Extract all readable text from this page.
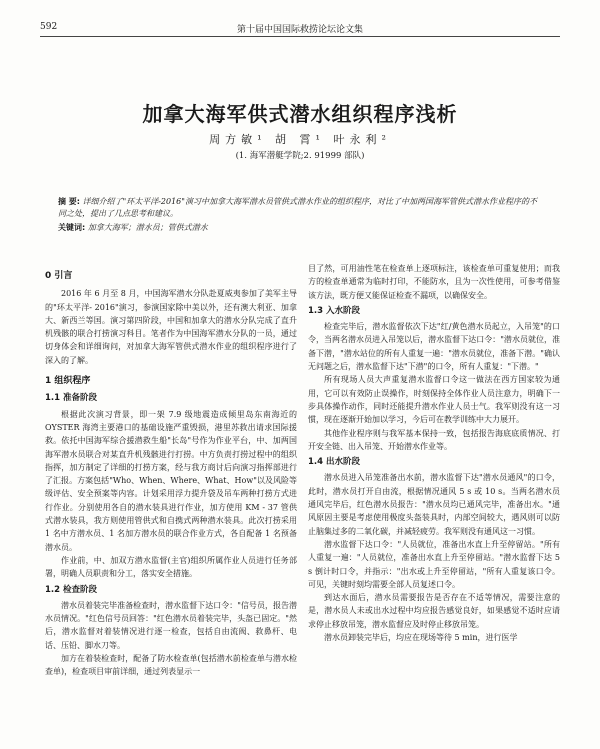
592	第十届中国国际救捞论坛论文集
加拿大海军供式潜水组织程序浅析
周方敏¹ 胡 霄¹ 叶永利²
(1. 海军潜艇学院;2. 91999 部队)
摘 要: 详细介绍了"环太平洋-2016"演习中加拿大海军潜水员管供式潜水作业的组织程序，对比了中加两国海军管供式潜水作业程序的不同之处，提出了几点思考和建议。
关键词: 加拿大海军；潜水员；管供式潜水
0 引言

2016 年 6 月至 8 月，中国海军潜水分队赴夏威夷参加了美军主导的"环太平洋- 2016"演习，参演国家除中美以外，还有澳大利亚、加拿大、新西兰等国。演习第四阶段，中国和加拿大的潜水分队完成了直升机残骸的联合打捞演习科目。笔者作为中国海军潜水分队的一员，通过切身体会和详细询问，对加拿大海军管供式潜水作业的组织程序进行了深入的了解。

1 组织程序
1.1 准备阶段

根据此次演习背景，即一架 7.9 级地震造成倾里岛东南海近的 OYSTER 海湾主要港口的基础设施严重毁损，港里苏救出请求国际援救。依托中国海军综合援潜救生船"长岛"号作为作业平台，中、加两国海军潜水员联合对某直升机残骸进行打捞。中方负责打捞过程中的组织指挥，加方制定了详细的打捞方案，经与我方商讨后向演习指挥部进行了汇报。方案包括"Who、When、Where、What、How"以及风险等级评估、安全预案等内容。计划采用浮力提升袋及吊车两种打捞方式进行作业。分别使用各自的潜水装具进行作业，加方使用 KM - 37 管供式潜水装具，我方则使用管供式和自携式两种潜水装具。此次打捞采用 1 名中方潜水员、1 名加方潜水员的联合作业方式，各自配备 1 名预备潜水员。

作业前，中、加双方潜水监督(主官)组织所属作业人员进行任务部署，明确人员职责和分工，落实安全措施。

1.2 检查阶段

潜水员着装完毕准备检查时，潜水监督下达口令："信号员，报告潜水员情况。"红色信号员回答："红色潜水员着装完毕，头盔已固定。"然后，潜水监督对着装情况进行逐一检查，包括自由流阀、救鼻杆、电话、压铅、脚水刀等。

加方在着装检查时，配备了防水检查单(包括潜水前检查单与潜水检查单)，检查项目审前详细，通过列表显示一

目了然，可用油性笔在检查单上逐项标注，该检查单可重复使用；而我方的检查单通常为临时打印，不能防水，且为一次性使用，可参考借鉴该方法，既方便又能保证检查不漏项，以确保安全。

1.3 入水阶段

检查完毕后，潜水监督依次下达"红/黄色潜水员起立，入吊笼"的口令，当两名潜水员进入吊笼以后，潜水监督下达口令："潜水员就位，准备下潜，"潜水站位的所有人重复一遍："潜水员就位，准备下潜。"确认无问题之后，潜水监督下达"下潜"的口令，所有人重复："下潜。"

所有现场人员大声重复潜水监督口令这一做法在西方国家较为通用，它可以有效防止误操作，时刻保持全体作业人员注意力，明确下一步具体操作动作，同时还能提升潜水作业人员士气。我军则没有这一习惯，现在逐渐开始加以学习，今后可在教学训练中大力展开。

其他作业程序则与我军基本保持一致，包括报告海底底质情况、打开安全链、出入吊笼、开始潜水作业等。

1.4 出水阶段

潜水员进入吊笼准备出水前，潜水监督下达"潜水员通风"的口令，此时，潜水员打开自由流，根据情况通风 5 s 或 10 s。当两名潜水员通风完毕后，红色潜水员报告："潜水员均已通风完毕，准备出水。"通风原因主要是考虑使用极度头盔装具时，内部空间较大，遇风则可以防止脑集过多的二氧化碳，并减轻疲劳。我军则没有通风这一习惯。

潜水监督下达口令："人员就位，准备出水直上升至停留站。"所有人重复一遍："人员就位，准备出水直上升至停留站。"潜水监督下达 5 s 倒计时口令，并指示："出水或上升至停留站，"所有人重复该口令。可见，关键时刻均需要全部人员复述口令。

到达水面后，潜水员需要报告是否存在不适等情况，需要注意的是，潜水员人未或出水过程中均应报告感觉良好，如果感觉不适时应请求停止移放吊笼，潜水监督应及时停止移放吊笼。

潜水员卸装完毕后，均应在现场等待 5 min，进行医学
